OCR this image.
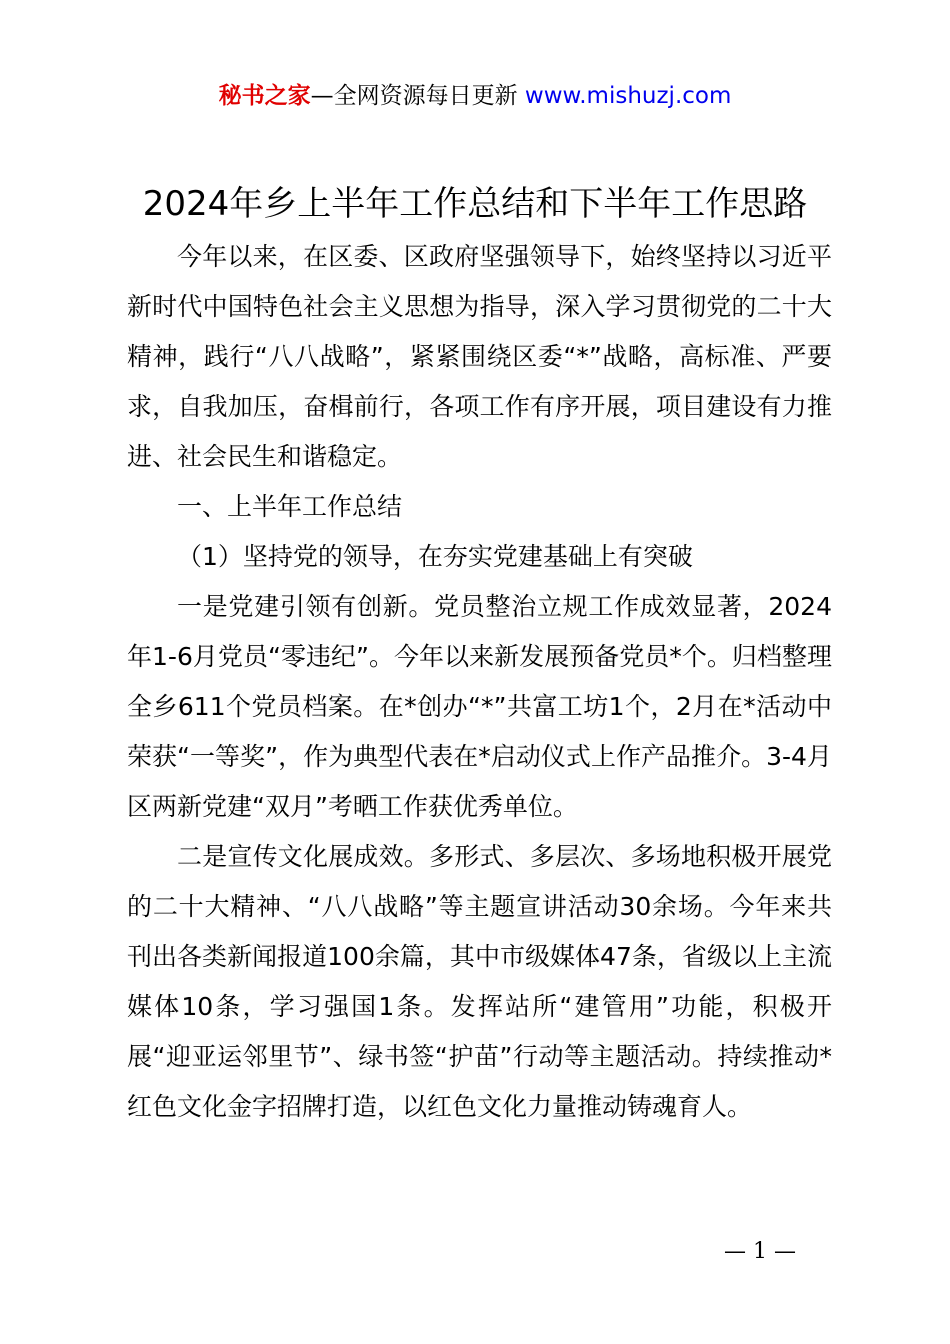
秘书之家—全网资源每日更新 www.mishuzj.com
2024年乡上半年工作总结和下半年工作思路

今年以来，在区委、区政府坚强领导下，始终坚持以习近平新时代中国特色社会主义思想为指导，深入学习贯彻党的二十大精神，践行“八八战略”，紧紧围绕区委“*”战略，高标准、严要求，自我加压，奋楫前行，各项工作有序开展，项目建设有力推进、社会民生和谐稳定。

一、上半年工作总结

（1）坚持党的领导，在夯实党建基础上有突破

一是党建引领有创新。党员整治立规工作成效显著，2024年1-6月党员“零违纪”。今年以来新发展预备党员*个。归档整理全乡611个党员档案。在*创办“*”共富工坊1个，2月在*活动中荣获“一等奖”，作为典型代表在*启动仪式上作产品推介。3-4月区两新党建“双月”考晒工作获优秀单位。

二是宣传文化展成效。多形式、多层次、多场地积极开展党的二十大精神、“八八战略”等主题宣讲活动30余场。今年来共刊出各类新闻报道100余篇，其中市级媒体47条，省级以上主流媒体10条，学习强国1条。发挥站所“建管用”功能，积极开展“迎亚运邻里节”、绿书签“护苗”行动等主题活动。持续推动*红色文化金字招牌打造，以红色文化力量推动铸魂育人。

— 1 —
